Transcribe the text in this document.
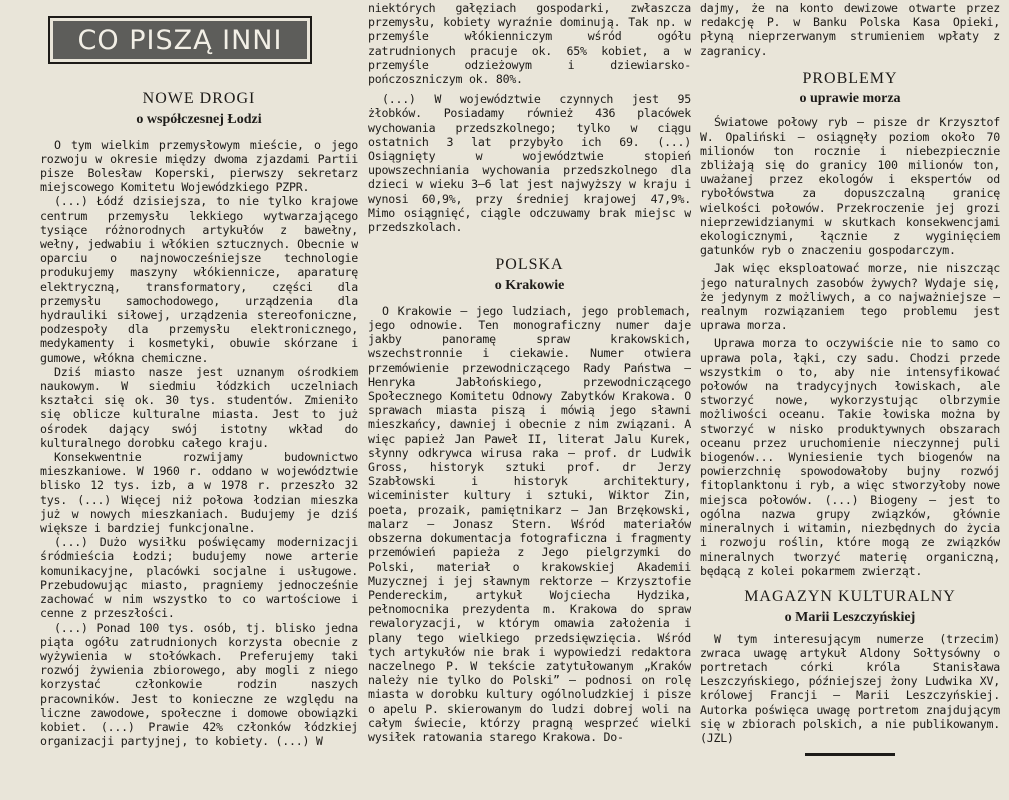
CO PISZĄ INNI
NOWE DROGI
o współczesnej Łodzi

O tym wielkim przemysłowym mieście, o jego rozwoju w okresie między dwoma zjazdami Partii pisze Bolesław Koperski, pierwszy sekretarz miejscowego Komitetu Wojewódzkiego PZPR.

(...) Łódź dzisiejsza, to nie tylko krajowe centrum przemysłu lekkiego wytwarzającego tysiące różnorodnych artykułów z bawełny, wełny, jedwabiu i włókien sztucznych. Obecnie w oparciu o najnowocześniejsze technologie produkujemy maszyny włókiennicze, aparaturę elektryczną, transformatory, części dla przemysłu samochodowego, urządzenia dla hydrauliki siłowej, urządzenia stereofoniczne, podzespoły dla przemysłu elektronicznego, medykamenty i kosmetyki, obuwie skórzane i gumowe, włókna chemiczne.

Dziś miasto nasze jest uznanym ośrodkiem naukowym. W siedmiu łódzkich uczelniach kształci się ok. 30 tys. studentów. Zmieniło się oblicze kulturalne miasta. Jest to już ośrodek dający swój istotny wkład do kulturalnego dorobku całego kraju.

Konsekwentnie rozwijamy budownictwo mieszkaniowe. W 1960 r. oddano w województwie blisko 12 tys. izb, a w 1978 r. przeszło 32 tys. (...) Więcej niż połowa łodzian mieszka już w nowych mieszkaniach. Budujemy je dziś większe i bardziej funkcjonalne.

(...) Dużo wysiłku poświęcamy modernizacji śródmieścia Łodzi; budujemy nowe arterie komunikacyjne, placówki socjalne i usługowe. Przebudowując miasto, pragniemy jednocześnie zachować w nim wszystko to co wartościowe i cenne z przeszłości.

(...) Ponad 100 tys. osób, tj. blisko jedna piąta ogółu zatrudnionych korzysta obecnie z wyżywienia w stołówkach. Preferujemy taki rozwój żywienia zbiorowego, aby mogli z niego korzystać członkowie rodzin naszych pracowników. Jest to konieczne ze względu na liczne zawodowe, społeczne i domowe obowiązki kobiet. (...) Prawie 42% członków łódzkiej organizacji partyjnej, to kobiety. (...) W

niektórych gałęziach gospodarki, zwłaszcza przemysłu, kobiety wyraźnie dominują. Tak np. w przemyśle włókienniczym wśród ogółu zatrudnionych pracuje ok. 65% kobiet, a w przemyśle odzieżowym i dziewiarsko-pończoszniczym ok. 80%.

(...) W województwie czynnych jest 95 żłobków. Posiadamy również 436 placówek wychowania przedszkolnego; tylko w ciągu ostatnich 3 lat przybyło ich 69. (...) Osiągnięty w województwie stopień upowszechniania wychowania przedszkolnego dla dzieci w wieku 3—6 lat jest najwyższy w kraju i wynosi 60,9%, przy średniej krajowej 47,9%. Mimo osiągnięć, ciągle odczuwamy brak miejsc w przedszkolach.

POLSKA
o Krakowie

O Krakowie — jego ludziach, jego problemach, jego odnowie. Ten monograficzny numer daje jakby panoramę spraw krakowskich, wszechstronnie i ciekawie. Numer otwiera przemówienie przewodniczącego Rady Państwa — Henryka Jabłońskiego, przewodniczącego Społecznego Komitetu Odnowy Zabytków Krakowa. O sprawach miasta piszą i mówią jego sławni mieszkańcy, dawniej i obecnie z nim związani. A więc papież Jan Paweł II, literat Jalu Kurek, słynny odkrywca wirusa raka — prof. dr Ludwik Gross, historyk sztuki prof. dr Jerzy Szabłowski i historyk architektury, wiceminister kultury i sztuki, Wiktor Zin, poeta, prozaik, pamiętnikarz — Jan Brzękowski, malarz — Jonasz Stern. Wśród materiałów obszerna dokumentacja fotograficzna i fragmenty przemówień papieża z Jego pielgrzymki do Polski, materiał o krakowskiej Akademii Muzycznej i jej sławnym rektorze — Krzysztofie Pendereckim, artykuł Wojciecha Hydzika, pełnomocnika prezydenta m. Krakowa do spraw rewaloryzacji, w którym omawia założenia i plany tego wielkiego przedsięwzięcia. Wśród tych artykułów nie brak i wypowiedzi redaktora naczelnego P. W tekście zatytułowanym „Kraków należy nie tylko do Polski” — podnosi on rolę miasta w dorobku kultury ogólnoludzkiej i pisze o apelu P. skierowanym do ludzi dobrej woli na całym świecie, którzy pragną wesprzeć wielki wysiłek ratowania starego Krakowa. Do-

dajmy, że na konto dewizowe otwarte przez redakcję P. w Banku Polska Kasa Opieki, płyną nieprzerwanym strumieniem wpłaty z zagranicy.

PROBLEMY
o uprawie morza

Światowe połowy ryb — pisze dr Krzysztof W. Opaliński — osiągnęły poziom około 70 milionów ton rocznie i niebezpiecznie zbliżają się do granicy 100 milionów ton, uważanej przez ekologów i ekspertów od rybołówstwa za dopuszczalną granicę wielkości połowów. Przekroczenie jej grozi nieprzewidzianymi w skutkach konsekwencjami ekologicznymi, łącznie z wyginięciem gatunków ryb o znaczeniu gospodarczym.

Jak więc eksploatować morze, nie niszcząc jego naturalnych zasobów żywych? Wydaje się, że jedynym z możliwych, a co najważniejsze — realnym rozwiązaniem tego problemu jest uprawa morza.

Uprawa morza to oczywiście nie to samo co uprawa pola, łąki, czy sadu. Chodzi przede wszystkim o to, aby nie intensyfikować połowów na tradycyjnych łowiskach, ale stworzyć nowe, wykorzystując olbrzymie możliwości oceanu. Takie łowiska można by stworzyć w nisko produktywnych obszarach oceanu przez uruchomienie nieczynnej puli biogenów... Wyniesienie tych biogenów na powierzchnię spowodowałoby bujny rozwój fitoplanktonu i ryb, a więc stworzyłoby nowe miejsca połowów. (...) Biogeny — jest to ogólna nazwa grupy związków, głównie mineralnych i witamin, niezbędnych do życia i rozwoju roślin, które mogą ze związków mineralnych tworzyć materię organiczną, będącą z kolei pokarmem zwierząt.

MAGAZYN KULTURALNY
o Marii Leszczyńskiej

W tym interesującym numerze (trzecim) zwraca uwagę artykuł Aldony Sołtysówny o portretach córki króla Stanisława Leszczyńskiego, późniejszej żony Ludwika XV, królowej Francji — Marii Leszczyńskiej. Autorka poświęca uwagę portretom znajdującym się w zbiorach polskich, a nie publikowanym. (JZL)
